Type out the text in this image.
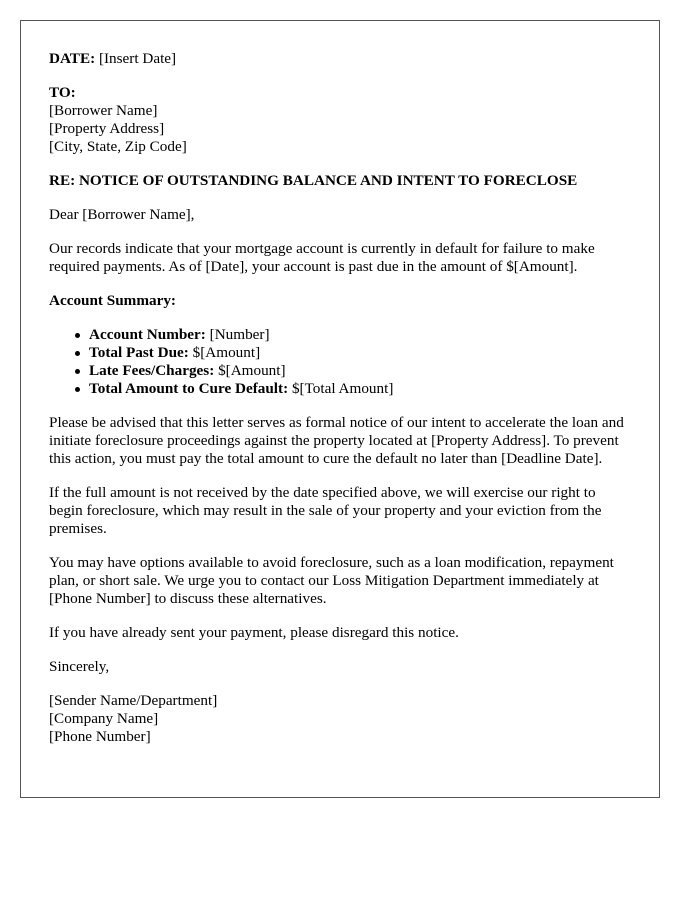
DATE: [Insert Date]
TO:
[Borrower Name]
[Property Address]
[City, State, Zip Code]

RE: NOTICE OF OUTSTANDING BALANCE AND INTENT TO FORECLOSE

Dear [Borrower Name],

Our records indicate that your mortgage account is currently in default for failure to make required payments. As of [Date], your account is past due in the amount of $[Amount].

Account Summary:

Account Number: [Number]
Total Past Due: $[Amount]
Late Fees/Charges: $[Amount]
Total Amount to Cure Default: $[Total Amount]

Please be advised that this letter serves as formal notice of our intent to accelerate the loan and initiate foreclosure proceedings against the property located at [Property Address]. To prevent this action, you must pay the total amount to cure the default no later than [Deadline Date].

If the full amount is not received by the date specified above, we will exercise our right to begin foreclosure, which may result in the sale of your property and your eviction from the premises.

You may have options available to avoid foreclosure, such as a loan modification, repayment plan, or short sale. We urge you to contact our Loss Mitigation Department immediately at [Phone Number] to discuss these alternatives.

If you have already sent your payment, please disregard this notice.

Sincerely,

[Sender Name/Department]
[Company Name]
[Phone Number]
